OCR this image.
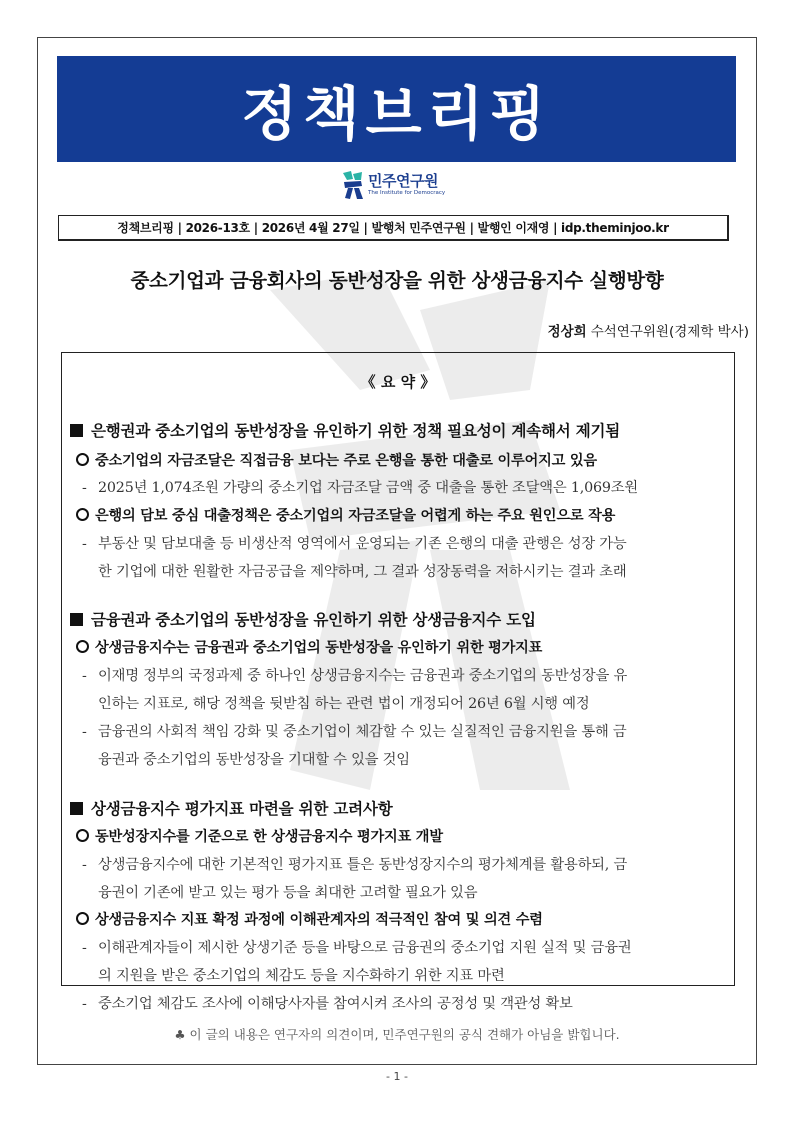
정책브리핑
민주연구원
The Institute for Democracy
정책브리핑 | 2026-13호 | 2026년 4월 27일 | 발행처 민주연구원 | 발행인 이재영 | idp.theminjoo.kr
중소기업과 금융회사의 동반성장을 위한 상생금융지수 실행방향
정상희 수석연구위원(경제학 박사)
《 요 약 》
은행권과 중소기업의 동반성장을 유인하기 위한 정책 필요성이 계속해서 제기됨
중소기업의 자금조달은 직접금융 보다는 주로 은행을 통한 대출로 이루어지고 있음
- 2025년 1,074조원 가량의 중소기업 자금조달 금액 중 대출을 통한 조달액은 1,069조원
은행의 담보 중심 대출정책은 중소기업의 자금조달을 어렵게 하는 주요 원인으로 작용
- 부동산 및 담보대출 등 비생산적 영역에서 운영되는 기존 은행의 대출 관행은 성장 가능
한 기업에 대한 원활한 자금공급을 제약하며, 그 결과 성장동력을 저하시키는 결과 초래
금융권과 중소기업의 동반성장을 유인하기 위한 상생금융지수 도입
상생금융지수는 금융권과 중소기업의 동반성장을 유인하기 위한 평가지표
- 이재명 정부의 국정과제 중 하나인 상생금융지수는 금융권과 중소기업의 동반성장을 유
인하는 지표로, 해당 정책을 뒷받침 하는 관련 법이 개정되어 26년 6월 시행 예정
- 금융권의 사회적 책임 강화 및 중소기업이 체감할 수 있는 실질적인 금융지원을 통해 금
융권과 중소기업의 동반성장을 기대할 수 있을 것임
상생금융지수 평가지표 마련을 위한 고려사항
동반성장지수를 기준으로 한 상생금융지수 평가지표 개발
- 상생금융지수에 대한 기본적인 평가지표 틀은 동반성장지수의 평가체계를 활용하되, 금
융권이 기존에 받고 있는 평가 등을 최대한 고려할 필요가 있음
상생금융지수 지표 확정 과정에 이해관계자의 적극적인 참여 및 의견 수렴
- 이해관계자들이 제시한 상생기준 등을 바탕으로 금융권의 중소기업 지원 실적 및 금융권
의 지원을 받은 중소기업의 체감도 등을 지수화하기 위한 지표 마련
- 중소기업 체감도 조사에 이해당사자를 참여시켜 조사의 공정성 및 객관성 확보
♣ 이 글의 내용은 연구자의 의견이며, 민주연구원의 공식 견해가 아님을 밝힙니다.
- 1 -
